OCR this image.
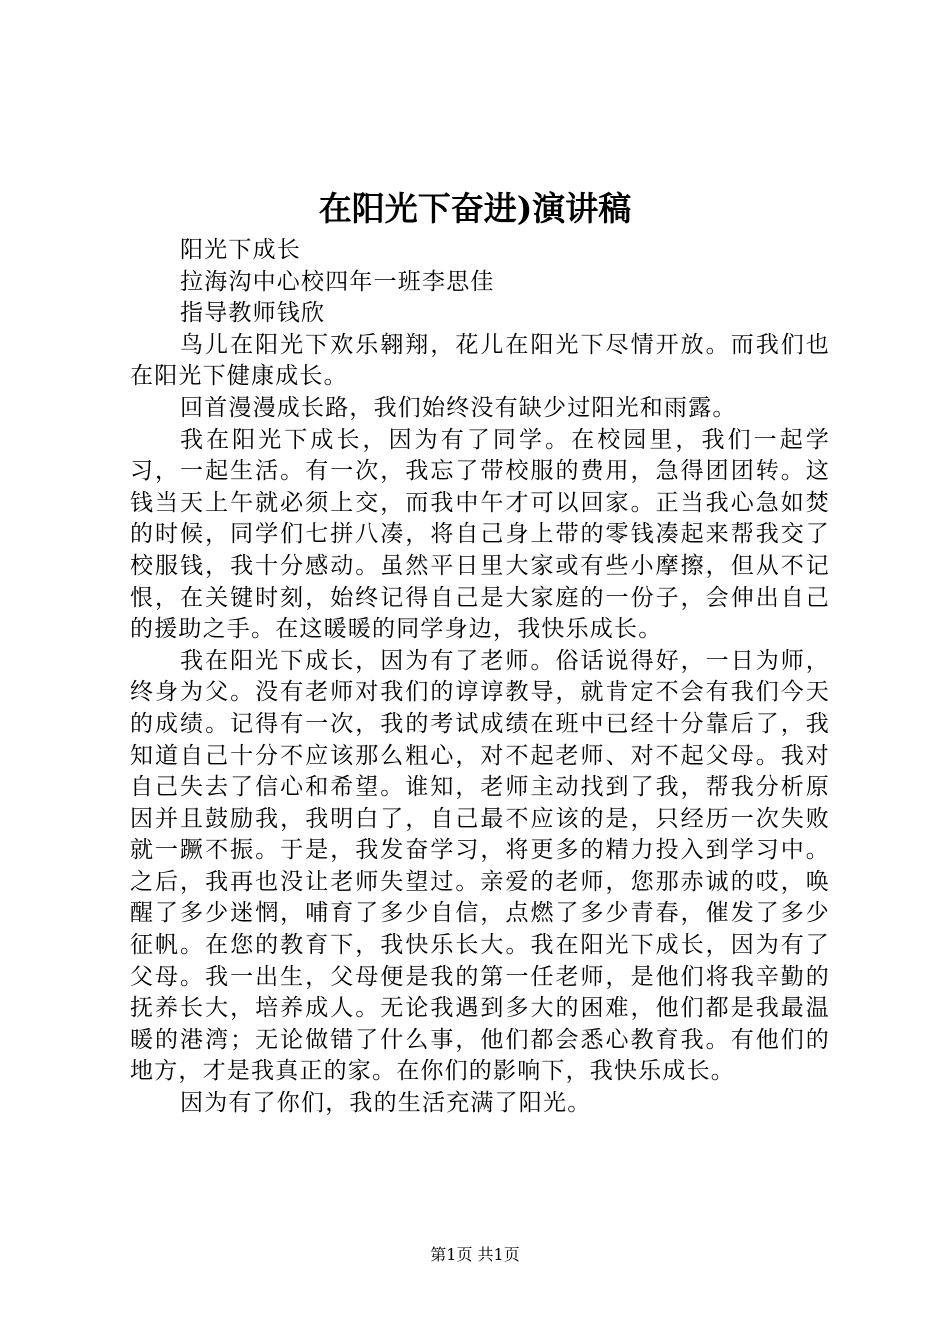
在阳光下奋进)演讲稿

阳光下成长

拉海沟中心校四年一班李思佳

指导教师钱欣

鸟儿在阳光下欢乐翱翔，花儿在阳光下尽情开放。而我们也在阳光下健康成长。

回首漫漫成长路，我们始终没有缺少过阳光和雨露。

我在阳光下成长，因为有了同学。在校园里，我们一起学习，一起生活。有一次，我忘了带校服的费用，急得团团转。这钱当天上午就必须上交，而我中午才可以回家。正当我心急如焚的时候，同学们七拼八凑，将自己身上带的零钱凑起来帮我交了校服钱，我十分感动。虽然平日里大家或有些小摩擦，但从不记恨，在关键时刻，始终记得自己是大家庭的一份子，会伸出自己的援助之手。在这暖暖的同学身边，我快乐成长。

我在阳光下成长，因为有了老师。俗话说得好，一日为师，终身为父。没有老师对我们的谆谆教导，就肯定不会有我们今天的成绩。记得有一次，我的考试成绩在班中已经十分靠后了，我知道自己十分不应该那么粗心，对不起老师、对不起父母。我对自己失去了信心和希望。谁知，老师主动找到了我，帮我分析原因并且鼓励我，我明白了，自己最不应该的是，只经历一次失败就一蹶不振。于是，我发奋学习，将更多的精力投入到学习中。之后，我再也没让老师失望过。亲爱的老师，您那赤诚的哎，唤醒了多少迷惘，哺育了多少自信，点燃了多少青春，催发了多少征帆。在您的教育下，我快乐长大。我在阳光下成长，因为有了父母。我一出生，父母便是我的第一任老师，是他们将我辛勤的抚养长大，培养成人。无论我遇到多大的困难，他们都是我最温暖的港湾；无论做错了什么事，他们都会悉心教育我。有他们的地方，才是我真正的家。在你们的影响下，我快乐成长。

因为有了你们，我的生活充满了阳光。

第1页 共1页
